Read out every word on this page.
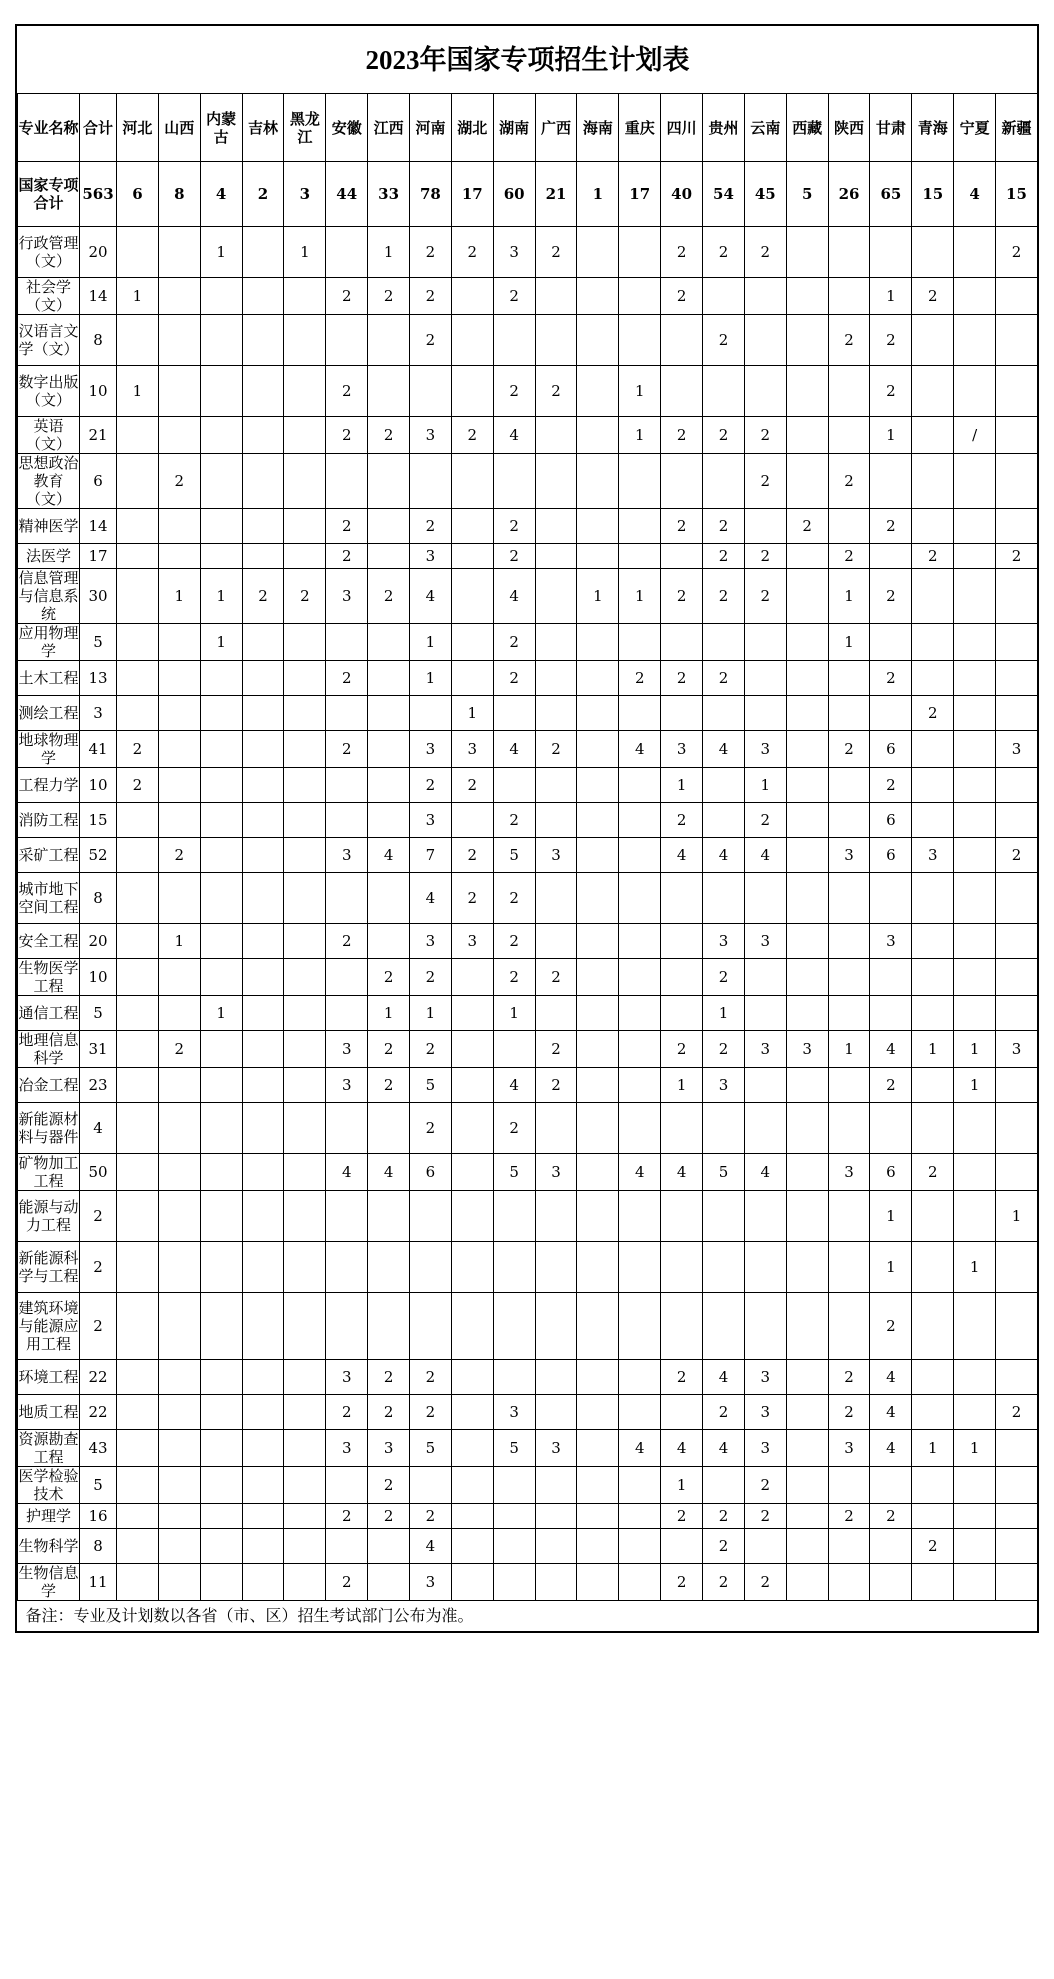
2023年国家专项招生计划表																							
专业名称	合计	河北	山西	内蒙古	吉林	黑龙江	安徽	江西	河南	湖北	湖南	广西	海南	重庆	四川	贵州	云南	西藏	陕西	甘肃	青海	宁夏	新疆
国家专项合计	563	6	8	4	2	3	44	33	78	17	60	21	1	17	40	54	45	5	26	65	15	4	15
行政管理（文）	20			1		1		1	2	2	3	2			2	2	2						2
社会学（文）	14	1					2	2	2		2				2					1	2		
汉语言文学（文）	8								2							2			2	2			
数字出版（文）	10	1					2				2	2		1						2			
英语（文）	21						2	2	3	2	4			1	2	2	2			1		/	
思想政治教育（文）	6		2														2		2				
精神医学	14						2		2		2				2	2		2		2			
法医学	17						2		3		2					2	2		2		2		2
信息管理与信息系统	30		1	1	2	2	3	2	4		4		1	1	2	2	2		1	2			
应用物理学	5			1					1		2								1				
土木工程	13						2		1		2			2	2	2				2			
测绘工程	3									1											2		
地球物理学	41	2					2		3	3	4	2		4	3	4	3		2	6			3
工程力学	10	2							2	2					1		1			2			
消防工程	15								3		2				2		2			6			
采矿工程	52		2				3	4	7	2	5	3			4	4	4		3	6	3		2
城市地下空间工程	8								4	2	2												
安全工程	20		1				2		3	3	2					3	3			3			
生物医学工程	10							2	2		2	2				2							
通信工程	5			1				1	1		1					1							
地理信息科学	31		2				3	2	2			2			2	2	3	3	1	4	1	1	3
冶金工程	23						3	2	5		4	2			1	3				2		1	
新能源材料与器件	4								2		2												
矿物加工工程	50						4	4	6		5	3		4	4	5	4		3	6	2		
能源与动力工程	2																			1			1
新能源科学与工程	2																			1		1	
建筑环境与能源应用工程	2																			2			
环境工程	22						3	2	2						2	4	3		2	4			
地质工程	22						2	2	2		3					2	3		2	4			2
资源勘查工程	43						3	3	5		5	3		4	4	4	3		3	4	1	1	
医学检验技术	5							2							1		2						
护理学	16						2	2	2						2	2	2		2	2			
生物科学	8								4							2					2		
生物信息学	11						2		3						2	2	2						
备注：专业及计划数以各省（市、区）招生考试部门公布为准。																							
